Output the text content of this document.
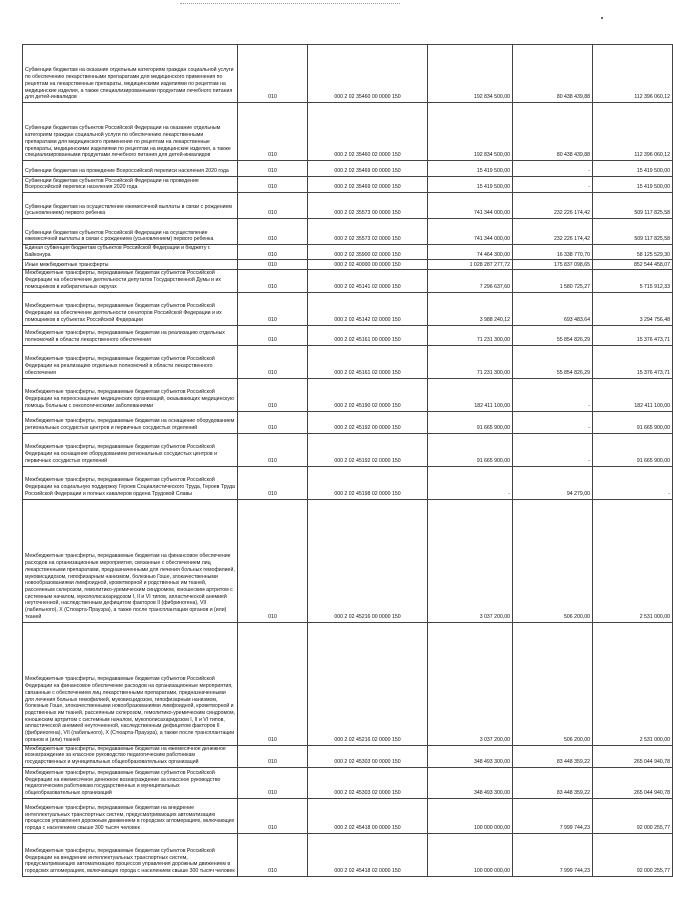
Субвенции бюджетам на оказание отдельным категориям граждан социальной услуги по обеспечению лекарственными препаратами для медицинского применения по рецептам на лекарственные препараты, медицинскими изделиями по рецептам на медицинские изделия, а также специализированными продуктами лечебного питания для детей-инвалидов	010	000 2 02 35460 00 0000 150	192 834 500,00	80 438 439,88	112 396 060,12
Субвенции бюджетам субъектов Российской Федерации на оказание отдельным категориям граждан социальной услуги по обеспечению лекарственными препаратами для медицинского применения по рецептам на лекарственные препараты, медицинскими изделиями по рецептам на медицинские изделия, а также специализированными продуктами лечебного питания для детей-инвалидов	010	000 2 02 35460 02 0000 150	192 834 500,00	80 438 439,88	112 396 060,12
Субвенции бюджетам на проведение Всероссийской переписи населения 2020 года	010	000 2 02 35469 00 0000 150	15 419 500,00	-	15 419 500,00
Субвенции бюджетам субъектов Российской Федерации на проведение Всероссийской переписи населения 2020 года	010	000 2 02 35469 02 0000 150	15 419 500,00	-	15 419 500,00
Субвенции бюджетам на осуществление ежемесячной выплаты в связи с рождением (усыновлением) первого ребенка	010	000 2 02 35573 00 0000 150	741 344 000,00	232 226 174,42	509 117 825,58
Субвенции бюджетам субъектов Российской Федерации на осуществление ежемесячной выплаты в связи с рождением (усыновлением) первого ребенка	010	000 2 02 35573 02 0000 150	741 344 000,00	232 226 174,42	509 117 825,58
Единая субвенция бюджетам субъектов Российской Федерации и бюджету г. Байконура	010	000 2 02 35900 02 0000 150	74 464 300,00	16 338 770,70	58 125 529,30
Иные межбюджетные трансферты	010	000 2 02 40000 00 0000 150	1 028 287 277,72	175 837 098,65	852 544 458,07
Межбюджетные трансферты, передаваемые бюджетам субъектов Российской Федерации на обеспечение деятельности депутатов Государственной Думы и их помощников в избирательных округах	010	000 2 02 45141 02 0000 150	7 296 637,60	1 580 725,27	5 715 912,33
Межбюджетные трансферты, передаваемые бюджетам субъектов Российской Федерации на обеспечение деятельности сенаторов Российской Федерации и их помощников в субъектах Российской Федерации	010	000 2 02 45142 02 0000 150	3 988 240,12	693 483,64	3 294 756,48
Межбюджетные трансферты, передаваемые бюджетам на реализацию отдельных полномочий в области лекарственного обеспечения	010	000 2 02 45161 00 0000 150	71 231 300,00	55 854 826,29	15 376 473,71
Межбюджетные трансферты, передаваемые бюджетам субъектов Российской Федерации на реализацию отдельных полномочий в области лекарственного обеспечения	010	000 2 02 45161 02 0000 150	71 231 300,00	55 854 826,29	15 376 473,71
Межбюджетные трансферты, передаваемые бюджетам субъектов Российской Федерации на переоснащение медицинских организаций, оказывающих медицинскую помощь больным с онкологическими заболеваниями	010	000 2 02 45190 02 0000 150	182 411 100,00	-	182 411 100,00
Межбюджетные трансферты, передаваемые бюджетам на оснащение оборудованием региональных сосудистых центров и первичных сосудистых отделений	010	000 2 02 45192 00 0000 150	91 665 900,00	-	91 665 900,00
Межбюджетные трансферты, передаваемые бюджетам субъектов Российской Федерации на оснащение оборудованием региональных сосудистых центров и первичных сосудистых отделений	010	000 2 02 45192 02 0000 150	91 665 900,00	-	91 665 900,00
Межбюджетные трансферты, передаваемые бюджетам субъектов Российской Федерации на социальную поддержку Героев Социалистического Труда, Героев Труда Российской Федерации и полных кавалеров ордена Трудовой Славы	010	000 2 02 45198 02 0000 150	-	94 279,00	-
Межбюджетные трансферты, передаваемые бюджетам на финансовое обеспечение расходов на организационные мероприятия, связанные с обеспечением лиц лекарственными препаратами, предназначенными для лечения больных гемофилией, муковисцидозом, гипофизарным нанизмом, болезнью Гоше, злокачественными новообразованиями лимфоидной, кроветворной и родственных им тканей, рассеянным склерозом, гемолитико-уремическим синдромом, юношеским артритом с системным началом, мукополисахаридозом I, II и VI типов, апластической анемией неуточненной, наследственным дефицитом факторов II (фибриногена), VII (лабильного), X (Стюарта-Прауэра), а также после трансплантации органов и (или) тканей	010	000 2 02 45216 00 0000 150	3 037 200,00	506 200,00	2 531 000,00
Межбюджетные трансферты, передаваемые бюджетам субъектов Российской Федерации на финансовое обеспечение расходов на организационные мероприятия, связанные с обеспечением лиц лекарственными препаратами, предназначенными для лечения больных гемофилией, муковисцидозом, гипофизарным нанизмом, болезнью Гоше, злокачественными новообразованиями лимфоидной, кроветворной и родственных им тканей, рассеянным склерозом, гемолитико-уремическим синдромом, юношеским артритом с системным началом, мукополисахаридозом I, II и VI типов, апластической анемией неуточненной, наследственным дефицитом факторов II (фибриногена), VII (лабильного), X (Стюарта-Прауэра), а также после трансплантации органов и (или) тканей	010	000 2 02 45216 02 0000 150	3 037 200,00	506 200,00	2 531 000,00
Межбюджетные трансферты, передаваемые бюджетам на ежемесячное денежное вознаграждение за классное руководство педагогическим работникам государственных и муниципальных общеобразовательных организаций	010	000 2 02 45303 00 0000 150	348 493 300,00	83 448 359,22	265 044 940,78
Межбюджетные трансферты, передаваемые бюджетам субъектов Российской Федерации на ежемесячное денежное вознаграждение за классное руководство педагогическим работникам государственных и муниципальных общеобразовательных организаций	010	000 2 02 45303 02 0000 150	348 493 300,00	83 448 359,22	265 044 940,78
Межбюджетные трансферты, передаваемые бюджетам на внедрение интеллектуальных транспортных систем, предусматривающих автоматизацию процессов управления дорожным движением в городских агломерациях, включающих города с населением свыше 300 тысяч человек	010	000 2 02 45418 00 0000 150	100 000 000,00	7 999 744,23	92 000 255,77
Межбюджетные трансферты, передаваемые бюджетам субъектов Российской Федерации на внедрение интеллектуальных транспортных систем, предусматривающих автоматизацию процессов управления дорожным движением в городских агломерациях, включающих города с населением свыше 300 тысяч человек	010	000 2 02 45418 02 0000 150	100 000 000,00	7 999 744,23	92 000 255,77
